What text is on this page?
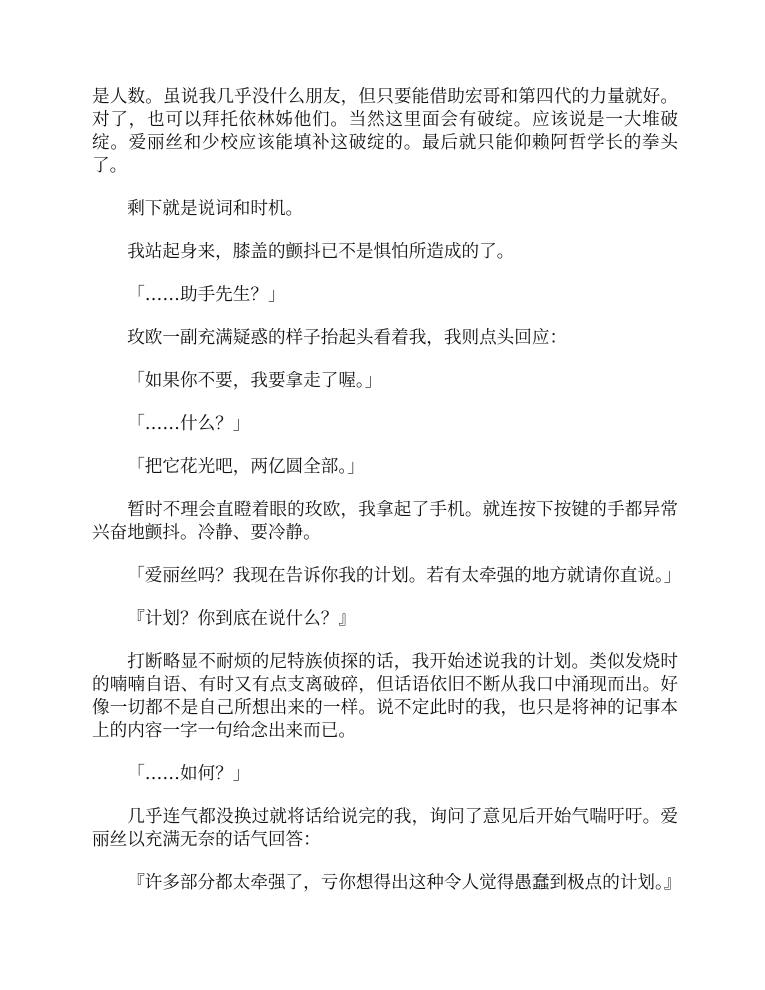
是人数。虽说我几乎没什么朋友，但只要能借助宏哥和第四代的力量就好。对了，也可以拜托依林姊他们。当然这里面会有破绽。应该说是一大堆破绽。爱丽丝和少校应该能填补这破绽的。最后就只能仰赖阿哲学长的拳头了。

剩下就是说词和时机。

我站起身来，膝盖的颤抖已不是惧怕所造成的了。

「……助手先生？」

玫欧一副充满疑惑的样子抬起头看着我，我则点头回应：

「如果你不要，我要拿走了喔。」

「……什么？」

「把它花光吧，两亿圆全部。」

暂时不理会直瞪着眼的玫欧，我拿起了手机。就连按下按键的手都异常兴奋地颤抖。冷静、要冷静。

「爱丽丝吗？我现在告诉你我的计划。若有太牵强的地方就请你直说。」

『计划？你到底在说什么？』

打断略显不耐烦的尼特族侦探的话，我开始述说我的计划。类似发烧时的喃喃自语、有时又有点支离破碎，但话语依旧不断从我口中涌现而出。好像一切都不是自己所想出来的一样。说不定此时的我，也只是将神的记事本上的内容一字一句给念出来而已。

「……如何？」

几乎连气都没换过就将话给说完的我，询问了意见后开始气喘吁吁。爱丽丝以充满无奈的话气回答：

『许多部分都太牵强了，亏你想得出这种令人觉得愚蠢到极点的计划。』
